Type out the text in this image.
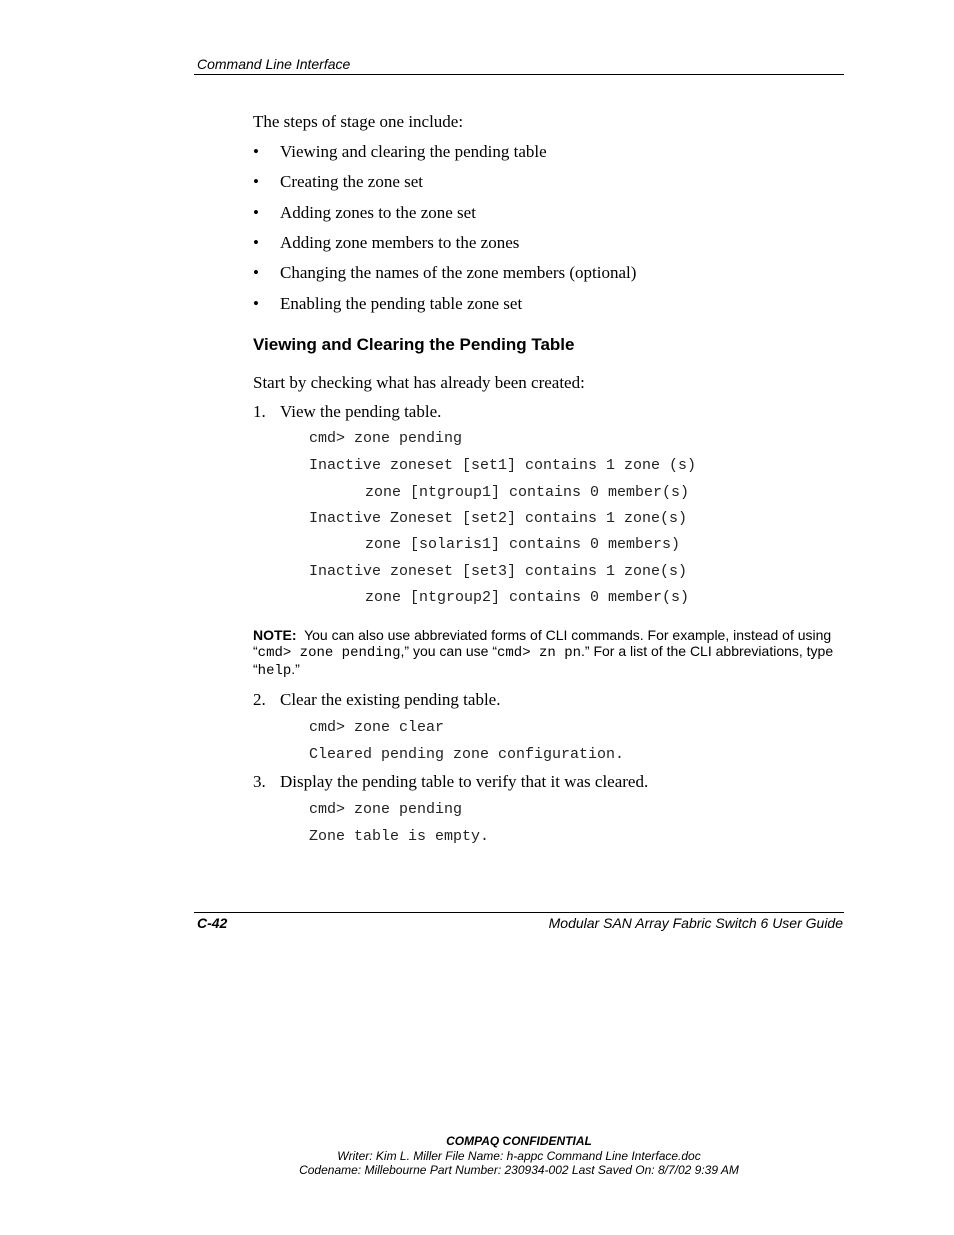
Command Line Interface
The steps of stage one include:
• Viewing and clearing the pending table
• Creating the zone set
• Adding zones to the zone set
• Adding zone members to the zones
• Changing the names of the zone members (optional)
• Enabling the pending table zone set
Viewing and Clearing the Pending Table
Start by checking what has already been created:
1. View the pending table.
cmd> zone pending
Inactive zoneset [set1] contains 1 zone (s)
zone [ntgroup1] contains 0 member(s)
Inactive Zoneset [set2] contains 1 zone(s)
zone [solaris1] contains 0 members)
Inactive zoneset [set3] contains 1 zone(s)
zone [ntgroup2] contains 0 member(s)
NOTE: You can also use abbreviated forms of CLI commands. For example, instead of using
“cmd> zone pending,” you can use “cmd> zn pn.” For a list of the CLI abbreviations, type “help.”
2. Clear the existing pending table.
cmd> zone clear
Cleared pending zone configuration.
3. Display the pending table to verify that it was cleared.
cmd> zone pending
Zone table is empty.
C-42	Modular SAN Array Fabric Switch 6 User Guide
COMPAQ CONFIDENTIAL
Writer: Kim L. Miller File Name: h-appc Command Line Interface.doc
Codename: Millebourne Part Number: 230934-002 Last Saved On: 8/7/02 9:39 AM
